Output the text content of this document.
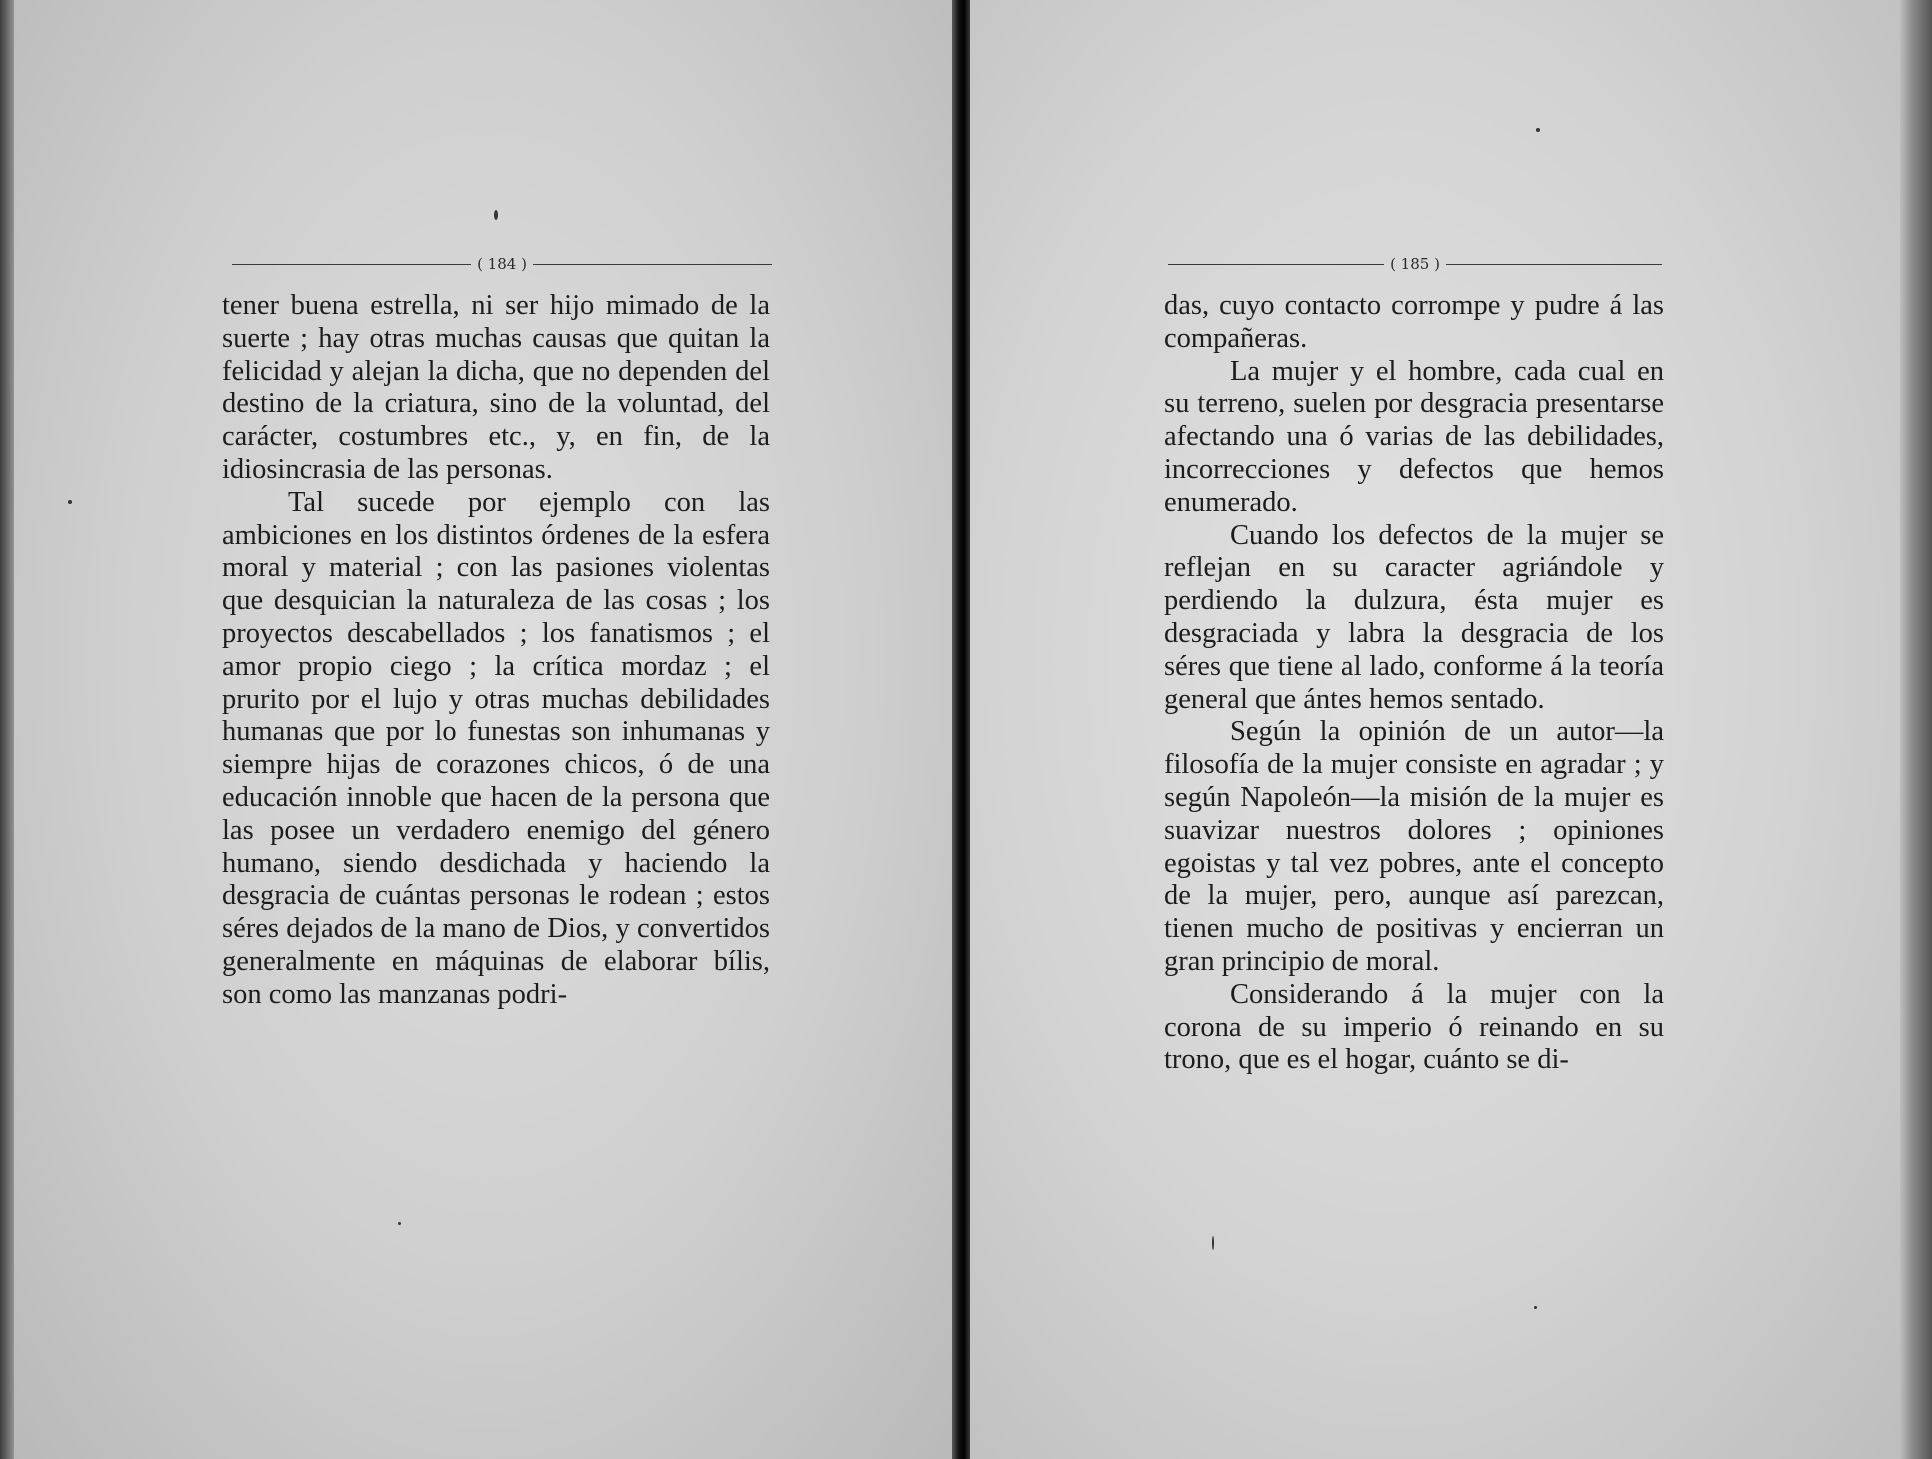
( 184 )

tener buena estrella, ni ser hijo mimado de la suerte ; hay otras muchas causas que quitan la felicidad y alejan la dicha, que no dependen del destino de la criatura, sino de la voluntad, del carácter, costumbres etc., y, en fin, de la idiosincrasia de las personas.

Tal sucede por ejemplo con las ambiciones en los distintos órdenes de la esfera moral y material ; con las pasiones violentas que desquician la naturaleza de las cosas ; los proyectos descabellados ; los fanatismos ; el amor propio ciego ; la crítica mordaz ; el prurito por el lujo y otras muchas debilidades humanas que por lo funestas son inhumanas y siempre hijas de corazones chicos, ó de una educación innoble que hacen de la persona que las posee un verdadero enemigo del género humano, siendo desdichada y haciendo la desgracia de cuántas personas le rodean ; estos séres dejados de la mano de Dios, y convertidos generalmente en máquinas de elaborar bílis, son como las manzanas podri-

( 185 )

das, cuyo contacto corrompe y pudre á las compañeras.

La mujer y el hombre, cada cual en su terreno, suelen por desgracia presentarse afectando una ó varias de las debilidades, incorrecciones y defectos que hemos enumerado.

Cuando los defectos de la mujer se reflejan en su caracter agriándole y perdiendo la dulzura, ésta mujer es desgraciada y labra la desgracia de los séres que tiene al lado, conforme á la teoría general que ántes hemos sentado.

Según la opinión de un autor—la filosofía de la mujer consiste en agradar ; y según Napoleón—la misión de la mujer es suavizar nuestros dolores ; opiniones egoistas y tal vez pobres, ante el concepto de la mujer, pero, aunque así parezcan, tienen mucho de positivas y encierran un gran principio de moral.

Considerando á la mujer con la corona de su imperio ó reinando en su trono, que es el hogar, cuánto se di-
